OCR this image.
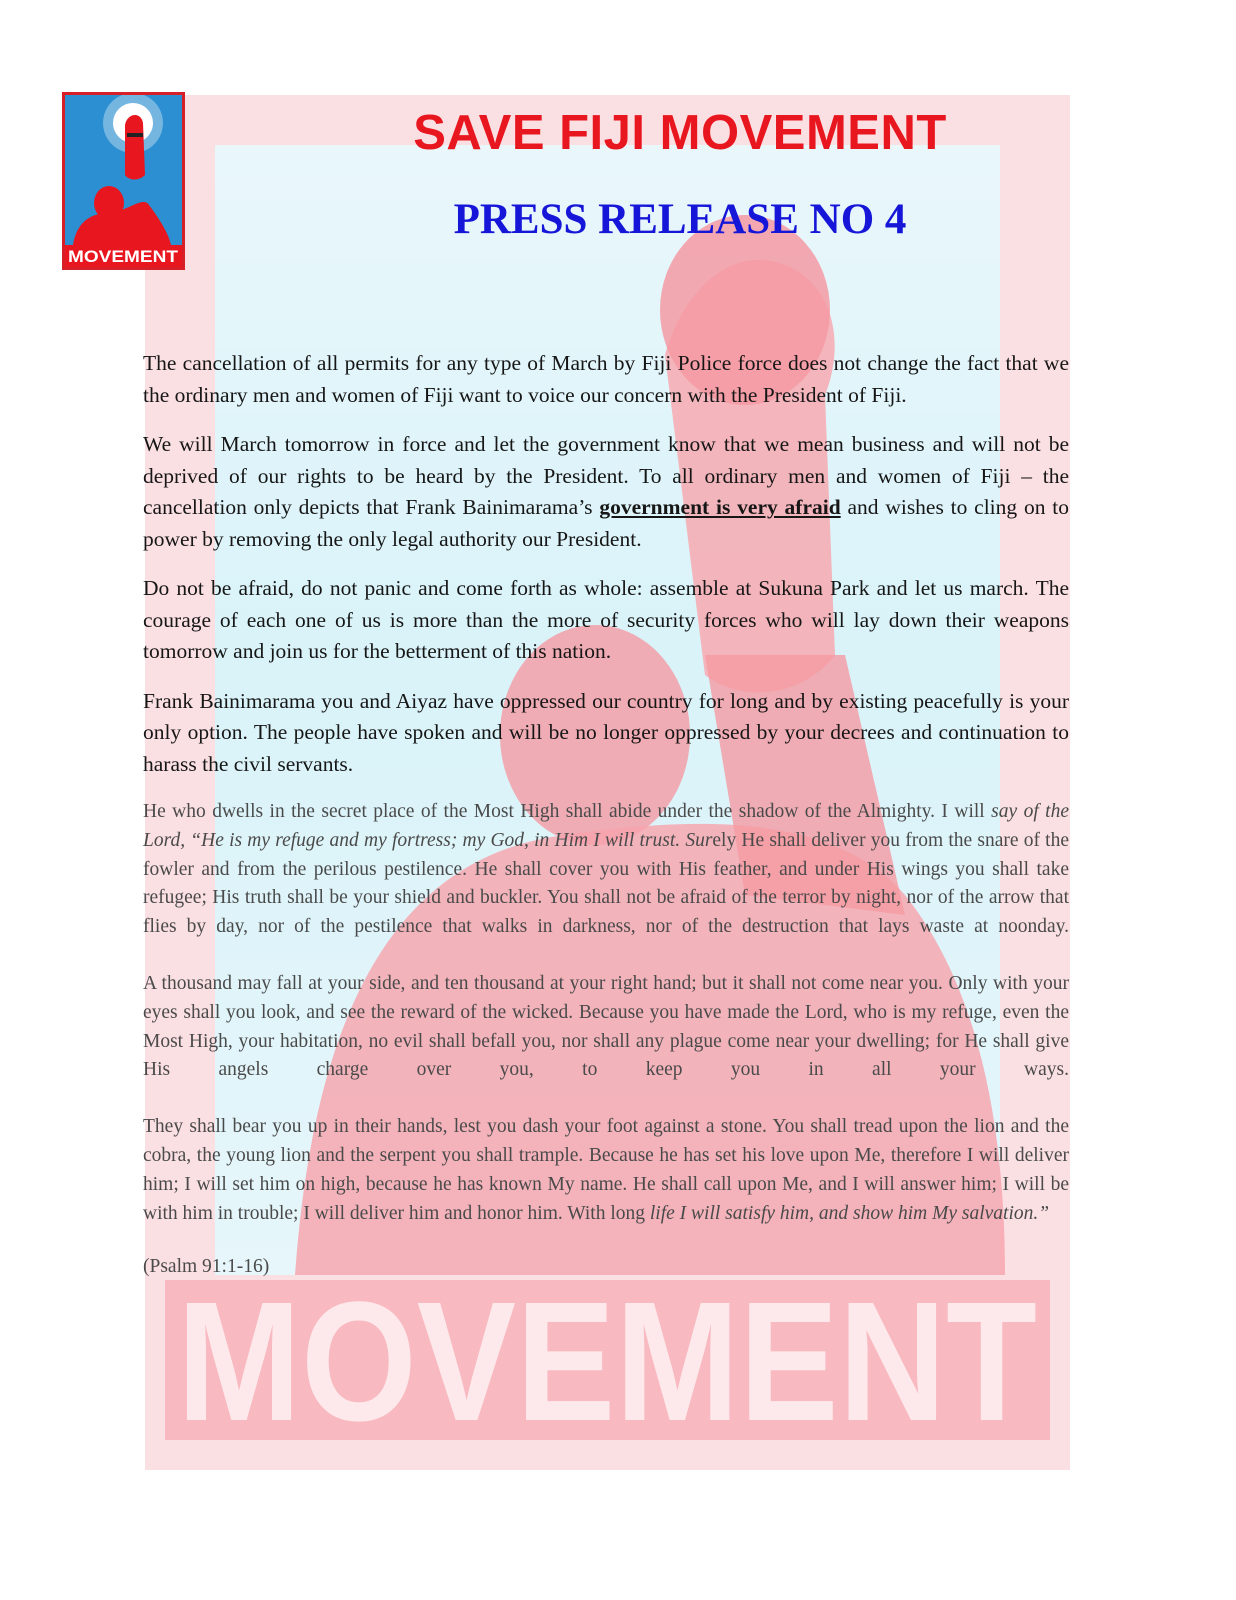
MOVEMENT
MOVEMENT
SAVE FIJI MOVEMENT
PRESS RELEASE NO 4

The cancellation of all permits for any type of March by Fiji Police force does not change the fact that we the ordinary men and women of Fiji want to voice our concern with the President of Fiji.

We will March tomorrow in force and let the government know that we mean business and will not be deprived of our rights to be heard by the President. To all ordinary men and women of Fiji – the cancellation only depicts that Frank Bainimarama’s government is very afraid and wishes to cling on to power by removing the only legal authority our President.

Do not be afraid, do not panic and come forth as whole: assemble at Sukuna Park and let us march. The courage of each one of us is more than the more of security forces who will lay down their weapons tomorrow and join us for the betterment of this nation.

Frank Bainimarama you and Aiyaz have oppressed our country for long and by existing peacefully is your only option. The people have spoken and will be no longer oppressed by your decrees and continuation to harass the civil servants.

He who dwells in the secret place of the Most High shall abide under the shadow of the Almighty. I will say of the Lord, “He is my refuge and my fortress; my God, in Him I will trust. Surely He shall deliver you from the snare of the fowler and from the perilous pestilence. He shall cover you with His feather, and under His wings you shall take refugee; His truth shall be your shield and buckler. You shall not be afraid of the terror by night, nor of the arrow that flies by day, nor of the pestilence that walks in darkness, nor of the destruction that lays waste at noonday.

A thousand may fall at your side, and ten thousand at your right hand; but it shall not come near you. Only with your eyes shall you look, and see the reward of the wicked. Because you have made the Lord, who is my refuge, even the Most High, your habitation, no evil shall befall you, nor shall any plague come near your dwelling; for He shall give His angels charge over you, to keep you in all your ways.

They shall bear you up in their hands, lest you dash your foot against a stone. You shall tread upon the lion and the cobra, the young lion and the serpent you shall trample. Because he has set his love upon Me, therefore I will deliver him; I will set him on high, because he has known My name. He shall call upon Me, and I will answer him; I will be with him in trouble; I will deliver him and honor him. With long life I will satisfy him, and show him My salvation.”

(Psalm 91:1-16)
